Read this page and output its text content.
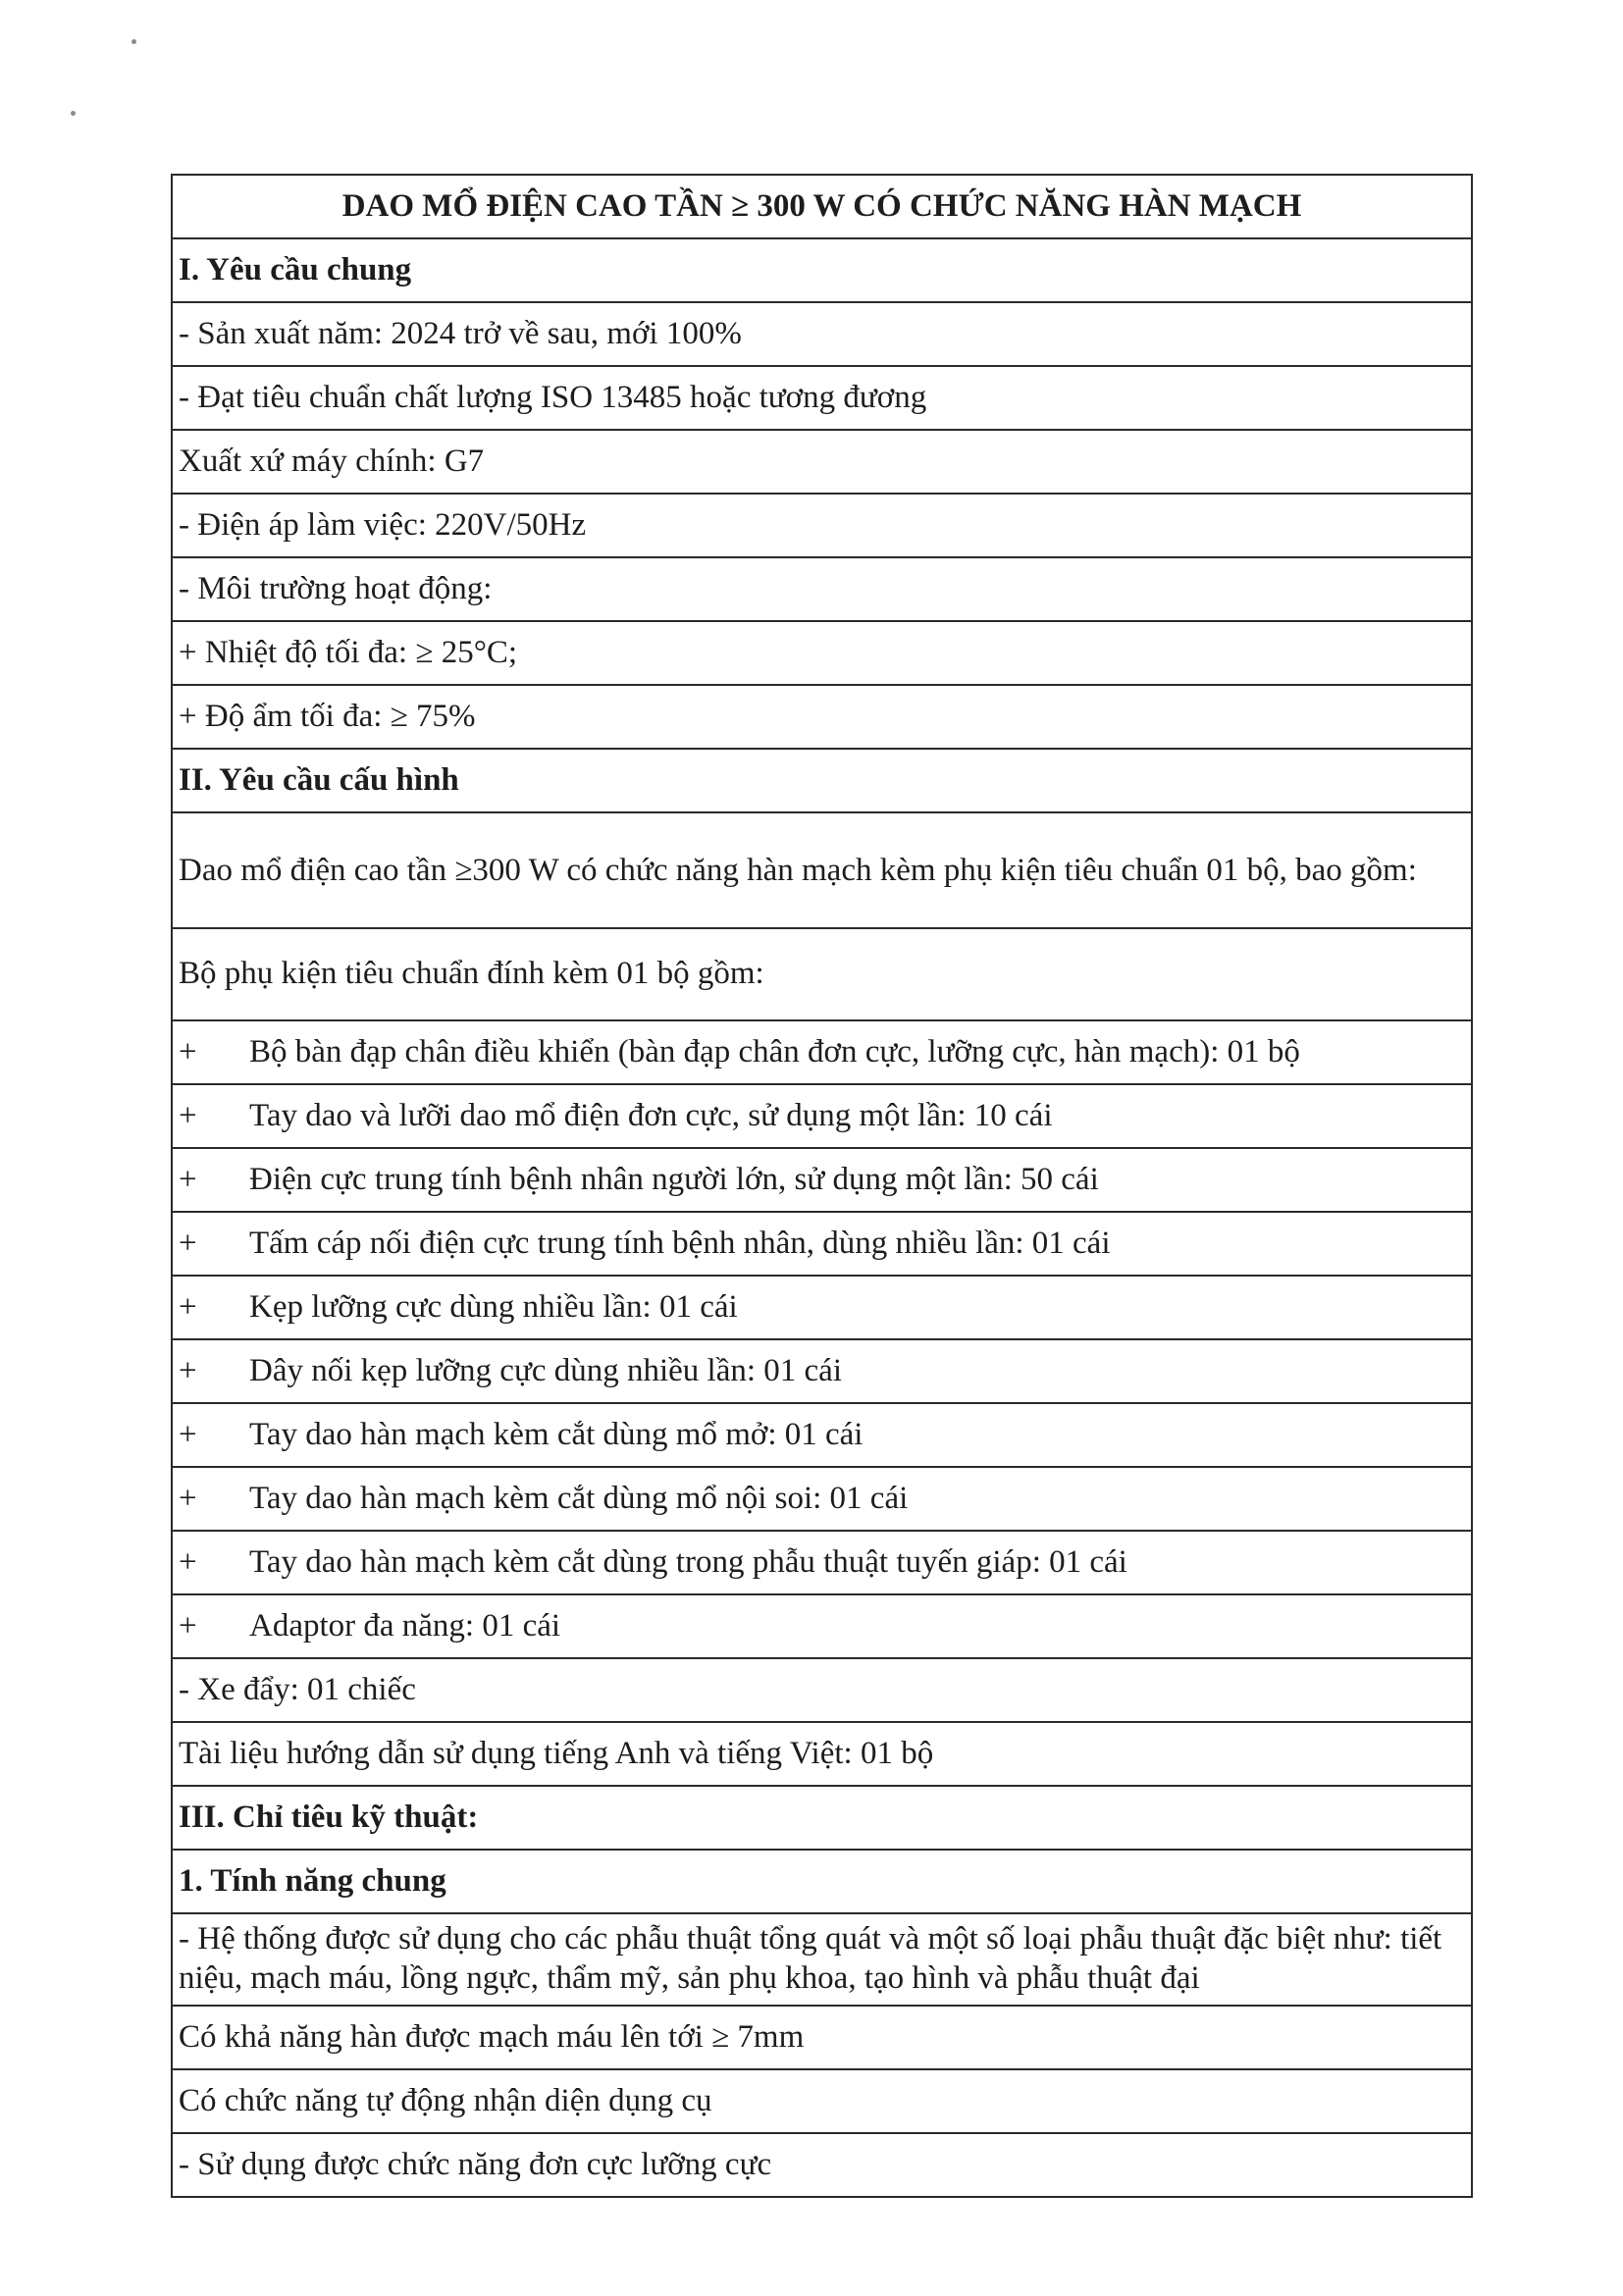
DAO MỔ ĐIỆN CAO TẦN ≥ 300 W CÓ CHỨC NĂNG HÀN MẠCH
I. Yêu cầu chung
- Sản xuất năm: 2024 trở về sau, mới 100%
- Đạt tiêu chuẩn chất lượng ISO 13485 hoặc tương đương
Xuất xứ máy chính: G7
- Điện áp làm việc: 220V/50Hz
- Môi trường hoạt động:
+ Nhiệt độ tối đa: ≥ 25°C;
+ Độ ẩm tối đa: ≥ 75%
II. Yêu cầu cấu hình
Dao mổ điện cao tần ≥300 W có chức năng hàn mạch kèm phụ kiện tiêu chuẩn 01 bộ, bao gồm:
Bộ phụ kiện tiêu chuẩn đính kèm 01 bộ gồm:

+	Bộ bàn đạp chân điều khiển (bàn đạp chân đơn cực, lưỡng cực, hàn mạch): 01 bộ

+	Tay dao và lưỡi dao mổ điện đơn cực, sử dụng một lần: 10 cái

+	Điện cực trung tính bệnh nhân người lớn, sử dụng một lần: 50 cái

+	Tấm cáp nối điện cực trung tính bệnh nhân, dùng nhiều lần: 01 cái

+	Kẹp lưỡng cực dùng nhiều lần: 01 cái

+	Dây nối kẹp lưỡng cực dùng nhiều lần: 01 cái

+	Tay dao hàn mạch kèm cắt dùng mổ mở: 01 cái

+	Tay dao hàn mạch kèm cắt dùng mổ nội soi: 01 cái

+	Tay dao hàn mạch kèm cắt dùng trong phẫu thuật tuyến giáp: 01 cái

+	Adaptor đa năng: 01 cái

- Xe đẩy: 01 chiếc
Tài liệu hướng dẫn sử dụng tiếng Anh và tiếng Việt: 01 bộ
III. Chỉ tiêu kỹ thuật:
1. Tính năng chung
- Hệ thống được sử dụng cho các phẫu thuật tổng quát và một số loại phẫu thuật đặc biệt như: tiết niệu, mạch máu, lồng ngực, thẩm mỹ, sản phụ khoa, tạo hình và phẫu thuật đại
Có khả năng hàn được mạch máu lên tới ≥ 7mm
Có chức năng tự động nhận diện dụng cụ
- Sử dụng được chức năng đơn cực lưỡng cực
